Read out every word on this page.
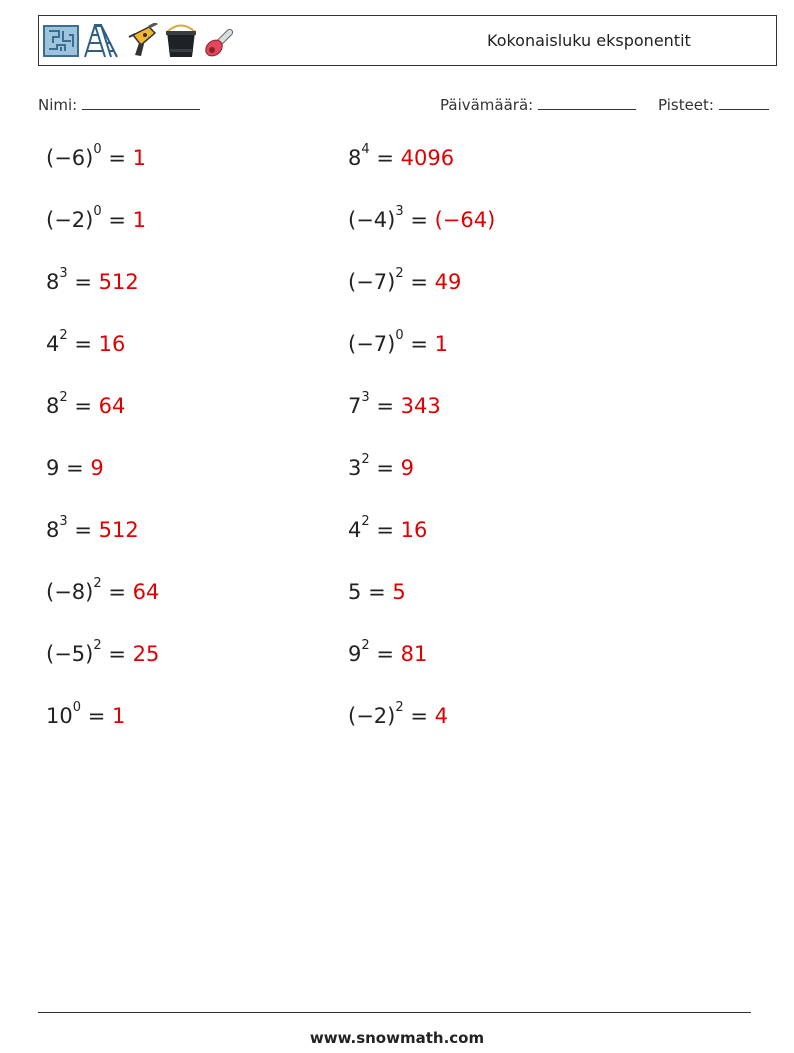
Kokonaisluku eksponentit
Nimi:	Päivämäärä:	Pisteet:
$(-6)^0 = 1$
$(-2)^0 = 1$
$8^3 = 512$
$4^2 = 16$
$8^2 = 64$
9 = 9
$8^3 = 512$
$(-8)^2 = 64$
$(-5)^2 = 25$
$10^0 = 1$
$8^4 = 4096$
$(-4)^3 = (-64)$
$(-7)^2 = 49$
$(-7)^0 = 1$
$7^3 = 343$
$3^2 = 9$
$4^2 = 16$
5 = 5
$9^2 = 81$
$(-2)^2 = 4$
www.snowmath.com
